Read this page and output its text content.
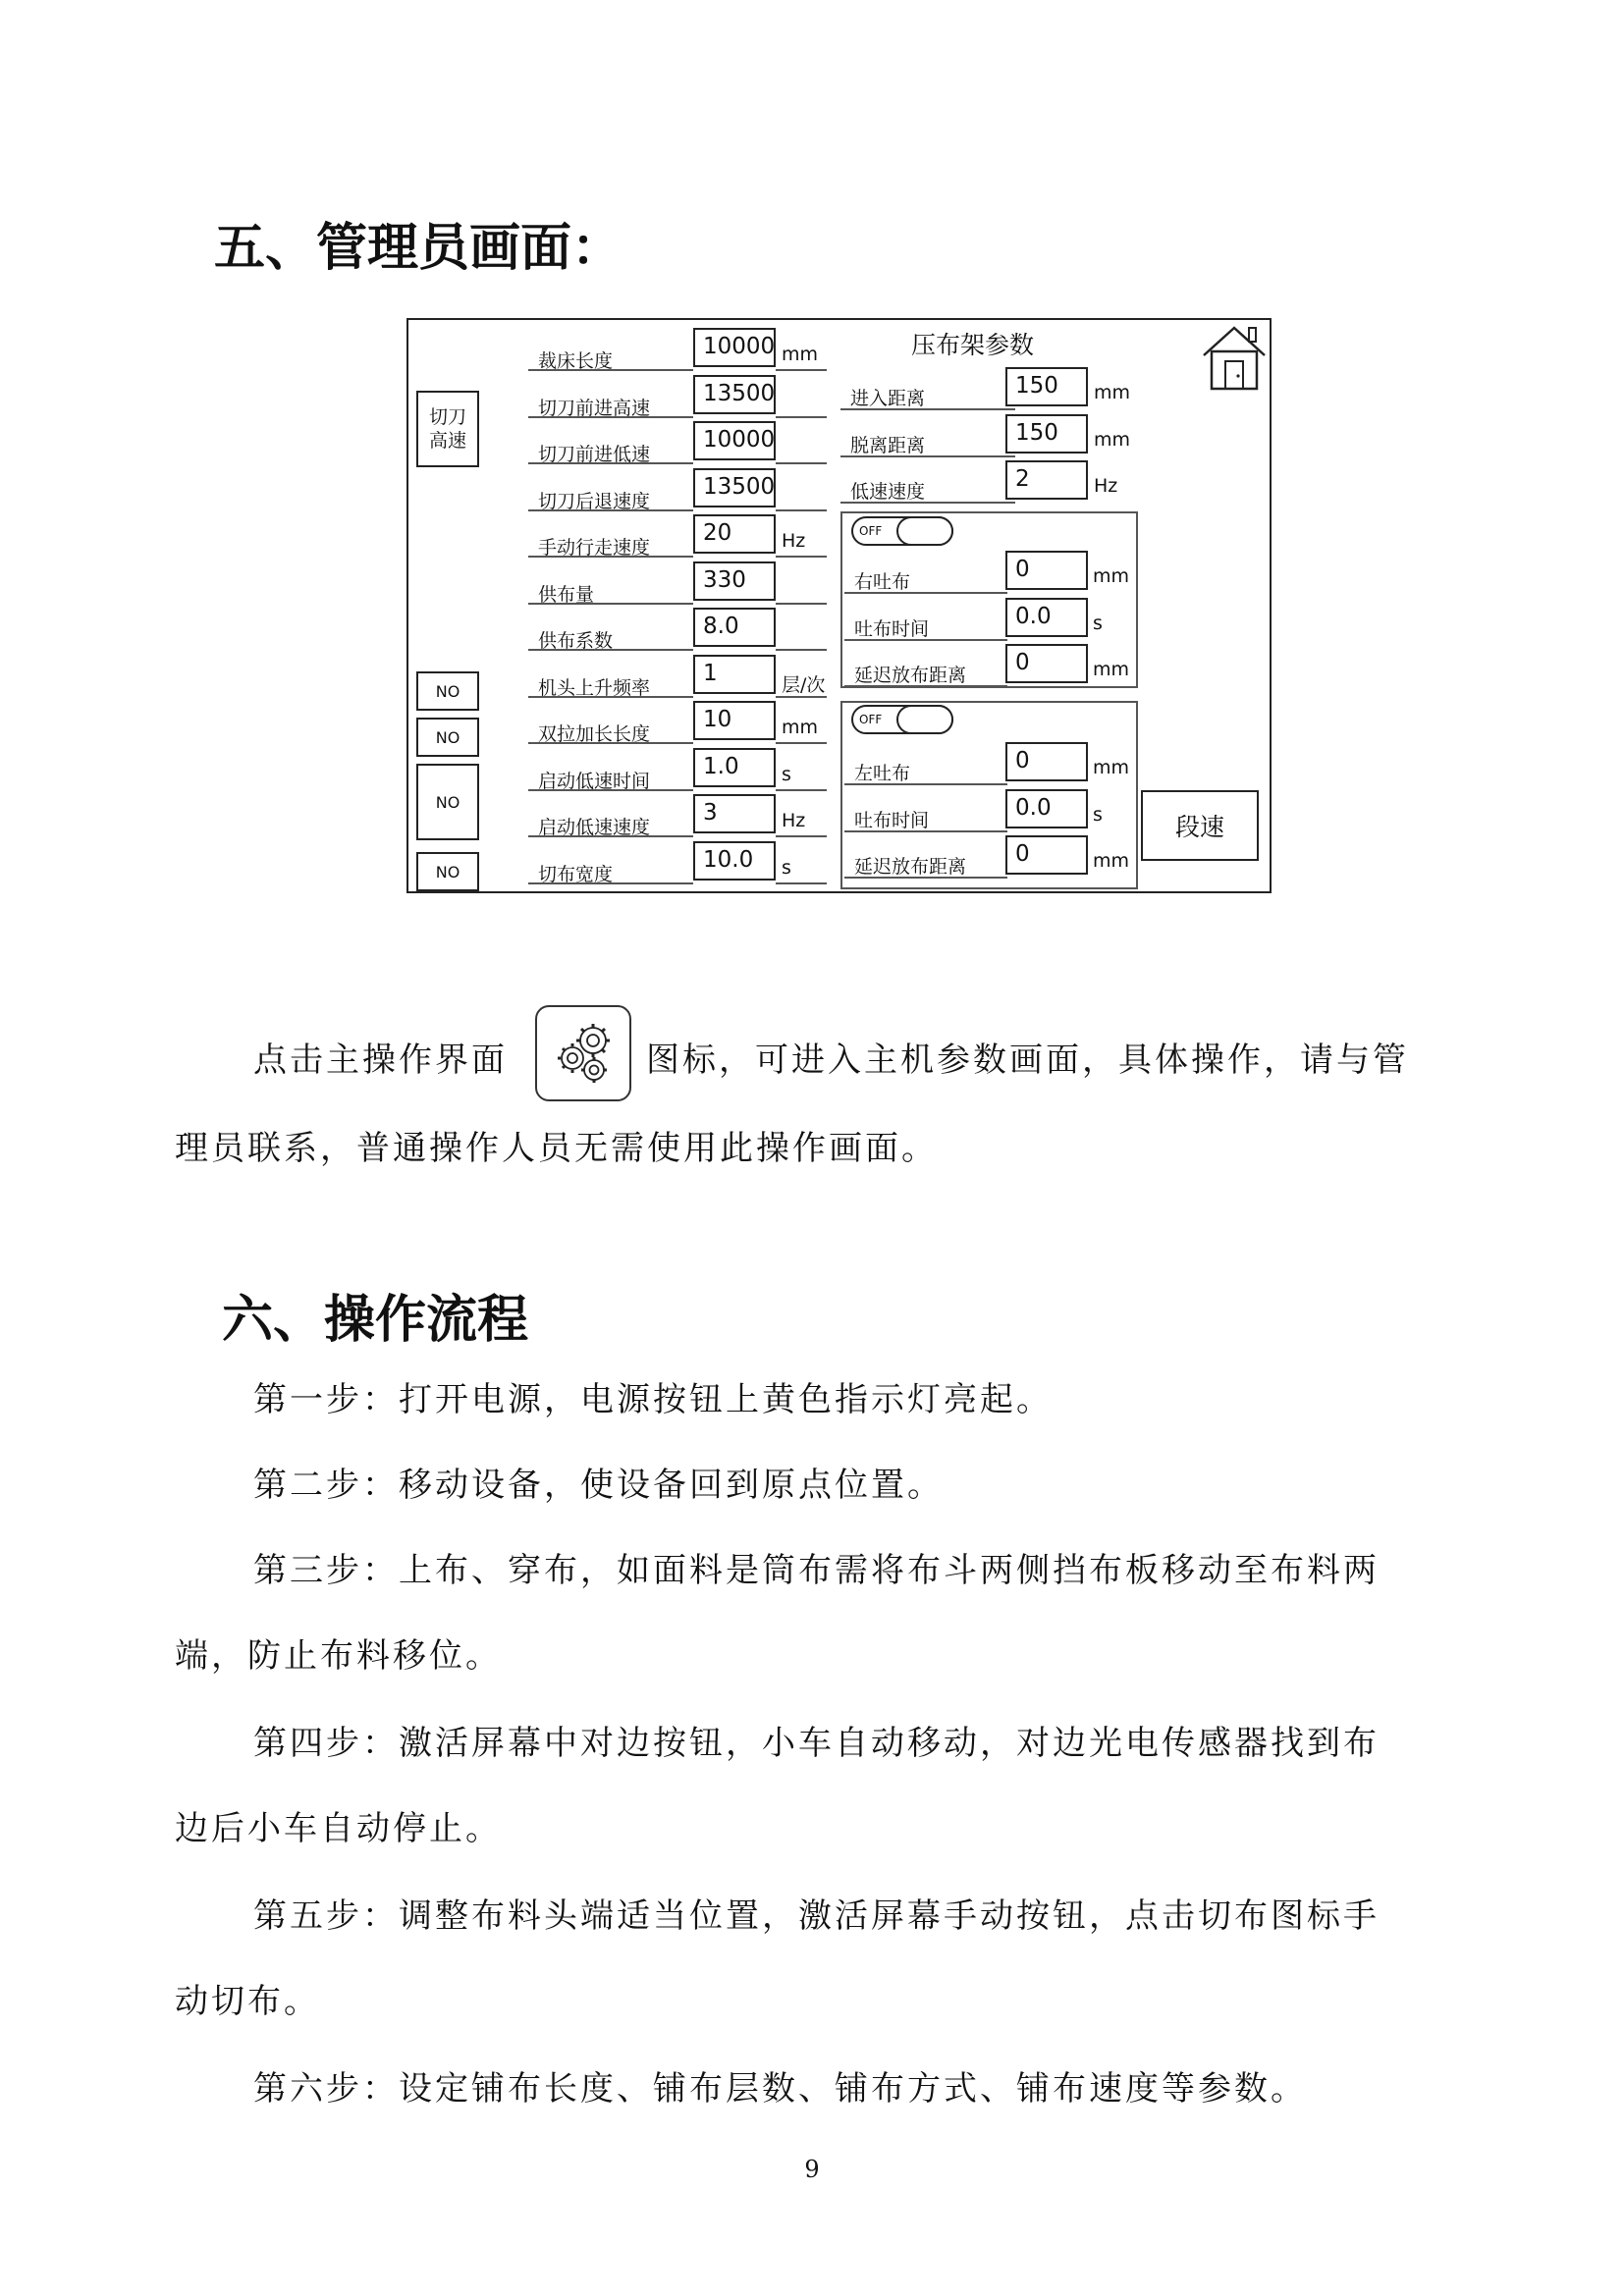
五、管理员画面：
切刀
高速
NO
NO
NO
NO
裁床长度
10000 mm
切刀前进高速
13500
切刀前进低速
10000
切刀后退速度
13500
手动行走速度
20	Hz
供布量
330
供布系数
8.0
机头上升频率
1	层/次
双拉加长长度
10	mm
启动低速时间
1.0	s
启动低速速度
3	Hz
切布宽度
10.0	s
压布架参数
进入距离	150	mm
脱离距离	150	mm
低速速度	2	Hz
OFF
右吐布	0	mm
吐布时间	0.0	s
延迟放布距离	0	mm
OFF
左吐布	0	mm
吐布时间	0.0	s
延迟放布距离	0	mm
段速
点击主操作界面	图标，可进入主机参数画面，具体操作，请与管
理员联系，普通操作人员无需使用此操作画面。
六、操作流程
第一步：打开电源，电源按钮上黄色指示灯亮起。
第二步：移动设备，使设备回到原点位置。
第三步：上布、穿布，如面料是筒布需将布斗两侧挡布板移动至布料两
端，防止布料移位。
第四步：激活屏幕中对边按钮，小车自动移动，对边光电传感器找到布
边后小车自动停止。
第五步：调整布料头端适当位置，激活屏幕手动按钮，点击切布图标手
动切布。
第六步：设定铺布长度、铺布层数、铺布方式、铺布速度等参数。
9
